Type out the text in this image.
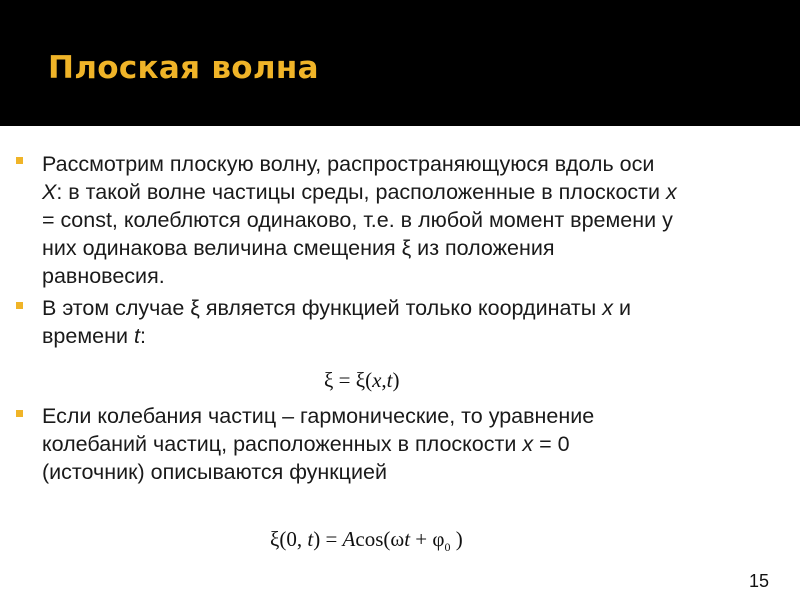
Плоская волна
Рассмотрим плоскую волну, распространяющуюся вдоль оси
X: в такой волне частицы среды, расположенные в плоскости x
= const, колеблются одинаково, т.е. в любой момент времени у
них одинакова величина смещения ξ из положения
равновесия.
В этом случае ξ является функцией только координаты x и
времени t:
ξ = ξ(x,t)
Если колебания частиц – гармонические, то уравнение
колебаний частиц, расположенных в плоскости x = 0
(источник) описываются функцией
ξ(0, $t) = Acos(\omega t + \varphi_0$ )
15
